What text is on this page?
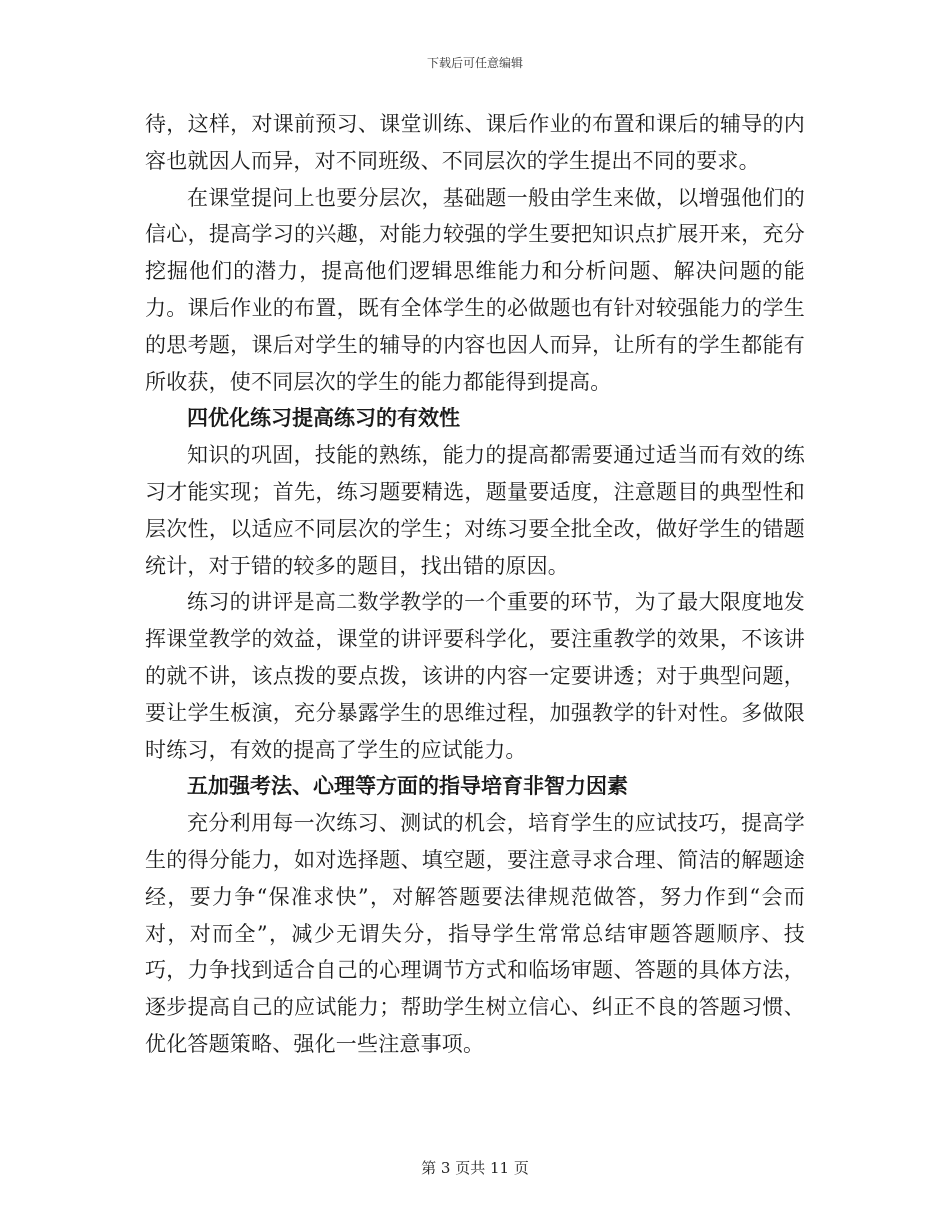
下载后可任意编辑

待，这样，对课前预习、课堂训练、课后作业的布置和课后的辅导的内容也就因人而异，对不同班级、不同层次的学生提出不同的要求。

在课堂提问上也要分层次，基础题一般由学生来做，以增强他们的信心，提高学习的兴趣，对能力较强的学生要把知识点扩展开来，充分挖掘他们的潜力，提高他们逻辑思维能力和分析问题、解决问题的能力。课后作业的布置，既有全体学生的必做题也有针对较强能力的学生的思考题，课后对学生的辅导的内容也因人而异，让所有的学生都能有所收获，使不同层次的学生的能力都能得到提高。

四优化练习提高练习的有效性

知识的巩固，技能的熟练，能力的提高都需要通过适当而有效的练习才能实现；首先，练习题要精选，题量要适度，注意题目的典型性和层次性，以适应不同层次的学生；对练习要全批全改，做好学生的错题统计，对于错的较多的题目，找出错的原因。

练习的讲评是高二数学教学的一个重要的环节，为了最大限度地发挥课堂教学的效益，课堂的讲评要科学化，要注重教学的效果，不该讲的就不讲，该点拨的要点拨，该讲的内容一定要讲透；对于典型问题，要让学生板演，充分暴露学生的思维过程，加强教学的针对性。多做限时练习，有效的提高了学生的应试能力。

五加强考法、心理等方面的指导培育非智力因素

充分利用每一次练习、测试的机会，培育学生的应试技巧，提高学生的得分能力，如对选择题、填空题，要注意寻求合理、简洁的解题途经，要力争“保准求快”，对解答题要法律规范做答，努力作到“会而对，对而全”，减少无谓失分，指导学生常常总结审题答题顺序、技巧，力争找到适合自己的心理调节方式和临场审题、答题的具体方法，逐步提高自己的应试能力；帮助学生树立信心、纠正不良的答题习惯、优化答题策略、强化一些注意事项。

第 3 页共 11 页
